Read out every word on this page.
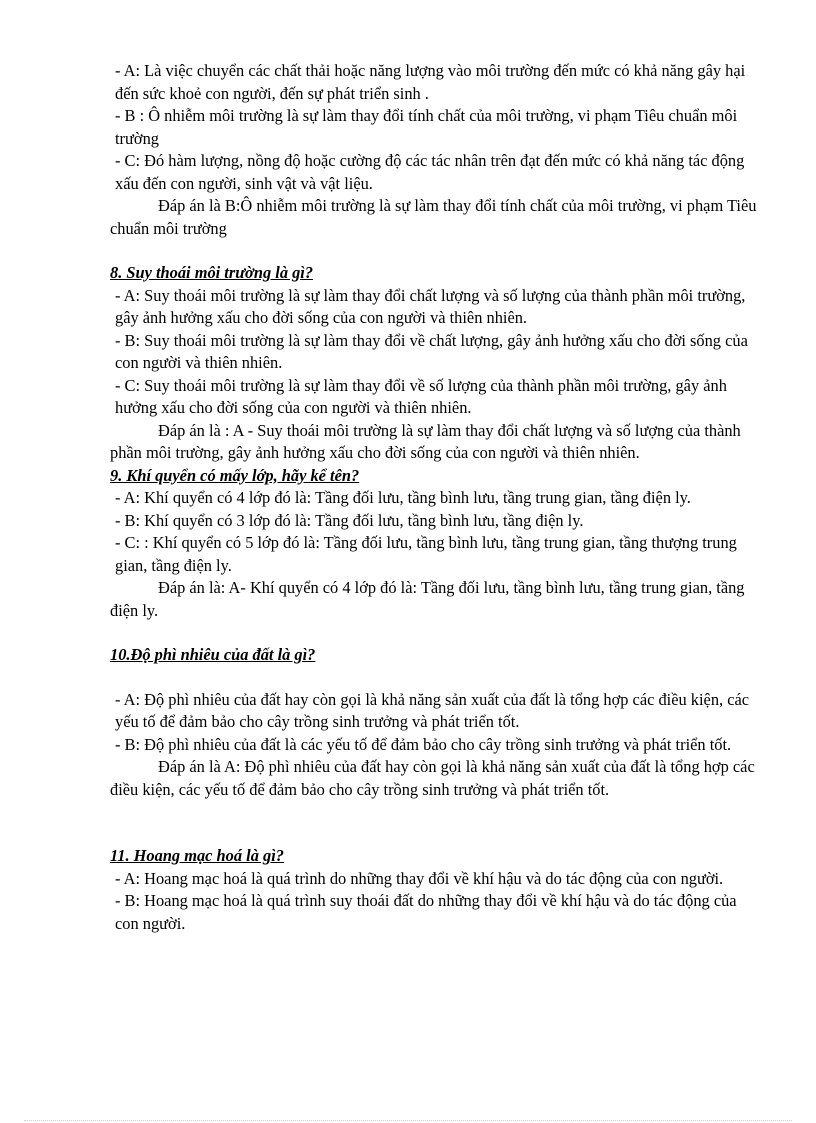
- A: Là việc chuyển các chất thải hoặc năng lượng vào môi trường đến mức có khả năng gây hại đến sức khoẻ con người, đến sự phát triển sinh .

- B : Ô nhiễm môi trường là sự làm thay đổi tính chất của môi trường, vi phạm Tiêu chuẩn môi trường

- C: Đó hàm lượng, nồng độ hoặc cường độ các tác nhân trên đạt đến mức có khả năng tác động xấu đến con người, sinh vật và vật liệu.

Đáp án là B:Ô nhiễm môi trường là sự làm thay đổi tính chất của môi trường, vi phạm Tiêu chuẩn môi trường

8. Suy thoái môi trường là gì?

- A: Suy thoái môi trường là sự làm thay đổi chất lượng và số lượng của thành phần môi trường, gây ảnh hưởng xấu cho đời sống của con người và thiên nhiên.

- B: Suy thoái môi trường là sự làm thay đổi về chất lượng, gây ảnh hưởng xấu cho đời sống của con người và thiên nhiên.

- C: Suy thoái môi trường là sự làm thay đổi về số lượng của thành phần môi trường, gây ảnh hưởng xấu cho đời sống của con người và thiên nhiên.

Đáp án là : A - Suy thoái môi trường là sự làm thay đổi chất lượng và số lượng của thành phần môi trường, gây ảnh hưởng xấu cho đời sống của con người và thiên nhiên.

9. Khí quyển có mấy lớp, hãy kể tên?

- A: Khí quyển có 4 lớp đó là: Tầng đối lưu, tầng bình lưu, tầng trung gian, tầng điện ly.

- B: Khí quyển có 3 lớp đó là: Tầng đối lưu, tầng bình lưu, tầng điện ly.

- C: : Khí quyển có 5 lớp đó là: Tầng đối lưu, tầng bình lưu, tầng trung gian, tầng thượng trung gian, tầng điện ly.

Đáp án là: A- Khí quyển có 4 lớp đó là: Tầng đối lưu, tầng bình lưu, tầng trung gian, tầng điện ly.

10.Độ phì nhiêu của đất là gì?

- A: Độ phì nhiêu của đất hay còn gọi là khả năng sản xuất của đất là tổng hợp các điều kiện, các yếu tố để đảm bảo cho cây trồng sinh trưởng và phát triển tốt.

- B: Độ phì nhiêu của đất là các yếu tố để đảm bảo cho cây trồng sinh trưởng và phát triển tốt.

Đáp án là A: Độ phì nhiêu của đất hay còn gọi là khả năng sản xuất của đất là tổng hợp các điều kiện, các yếu tố để đảm bảo cho cây trồng sinh trưởng và phát triển tốt.

11. Hoang mạc hoá là gì?

- A: Hoang mạc hoá là quá trình do những thay đổi về khí hậu và do tác động của con người.

- B: Hoang mạc hoá là quá trình suy thoái đất do những thay đổi về khí hậu và do tác động của con người.
